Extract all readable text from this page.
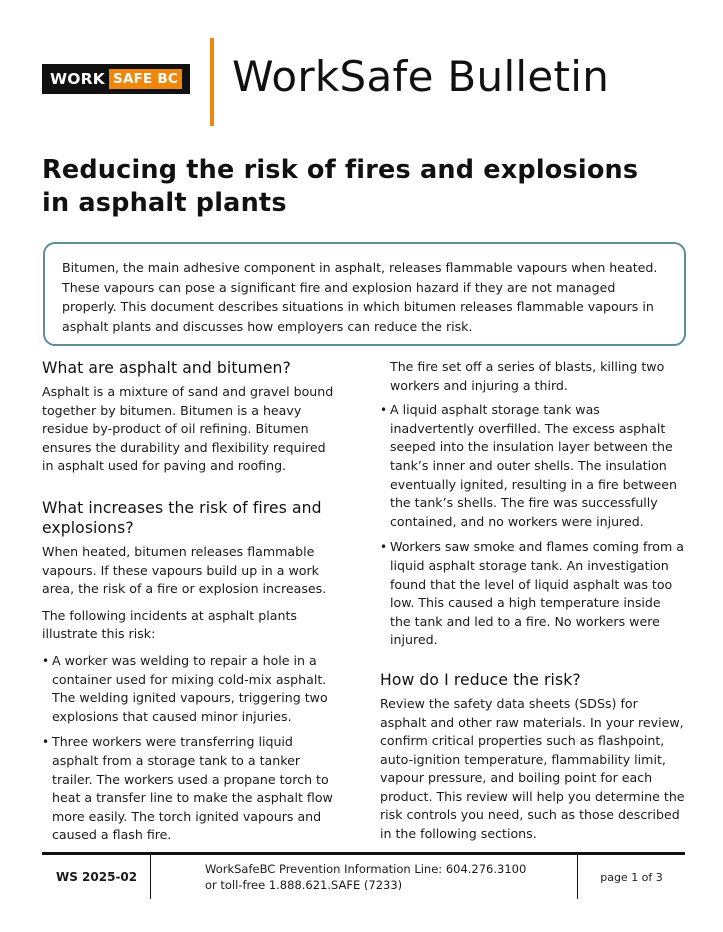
WORK SAFE BC WorkSafe Bulletin
Reducing the risk of fires and explosions
in asphalt plants

Bitumen, the main adhesive component in asphalt, releases flammable vapours when heated. These vapours can pose a significant fire and explosion hazard if they are not managed properly. This document describes situations in which bitumen releases flammable vapours in asphalt plants and discusses how employers can reduce the risk.

What are asphalt and bitumen?

Asphalt is a mixture of sand and gravel bound together by bitumen. Bitumen is a heavy residue by-product of oil refining. Bitumen ensures the durability and flexibility required in asphalt used for paving and roofing.

What increases the risk of fires and explosions?

When heated, bitumen releases flammable vapours. If these vapours build up in a work area, the risk of a fire or explosion increases.

The following incidents at asphalt plants illustrate this risk:

• A worker was welding to repair a hole in a container used for mixing cold-mix asphalt. The welding ignited vapours, triggering two explosions that caused minor injuries.
• Three workers were transferring liquid asphalt from a storage tank to a tanker trailer. The workers used a propane torch to heat a transfer line to make the asphalt flow more easily. The torch ignited vapours and caused a flash fire.

The fire set off a series of blasts, killing two workers and injuring a third.

• A liquid asphalt storage tank was inadvertently overfilled. The excess asphalt seeped into the insulation layer between the tank’s inner and outer shells. The insulation eventually ignited, resulting in a fire between the tank’s shells. The fire was successfully contained, and no workers were injured.
• Workers saw smoke and flames coming from a liquid asphalt storage tank. An investigation found that the level of liquid asphalt was too low. This caused a high temperature inside the tank and led to a fire. No workers were injured.
How do I reduce the risk?

Review the safety data sheets (SDSs) for asphalt and other raw materials. In your review, confirm critical properties such as flashpoint, auto-ignition temperature, flammability limit, vapour pressure, and boiling point for each product. This review will help you determine the risk controls you need, such as those described in the following sections.

WS 2025-02
WorkSafeBC Prevention Information Line: 604.276.3100
or toll-free 1.888.621.SAFE (7233)
page 1 of 3
